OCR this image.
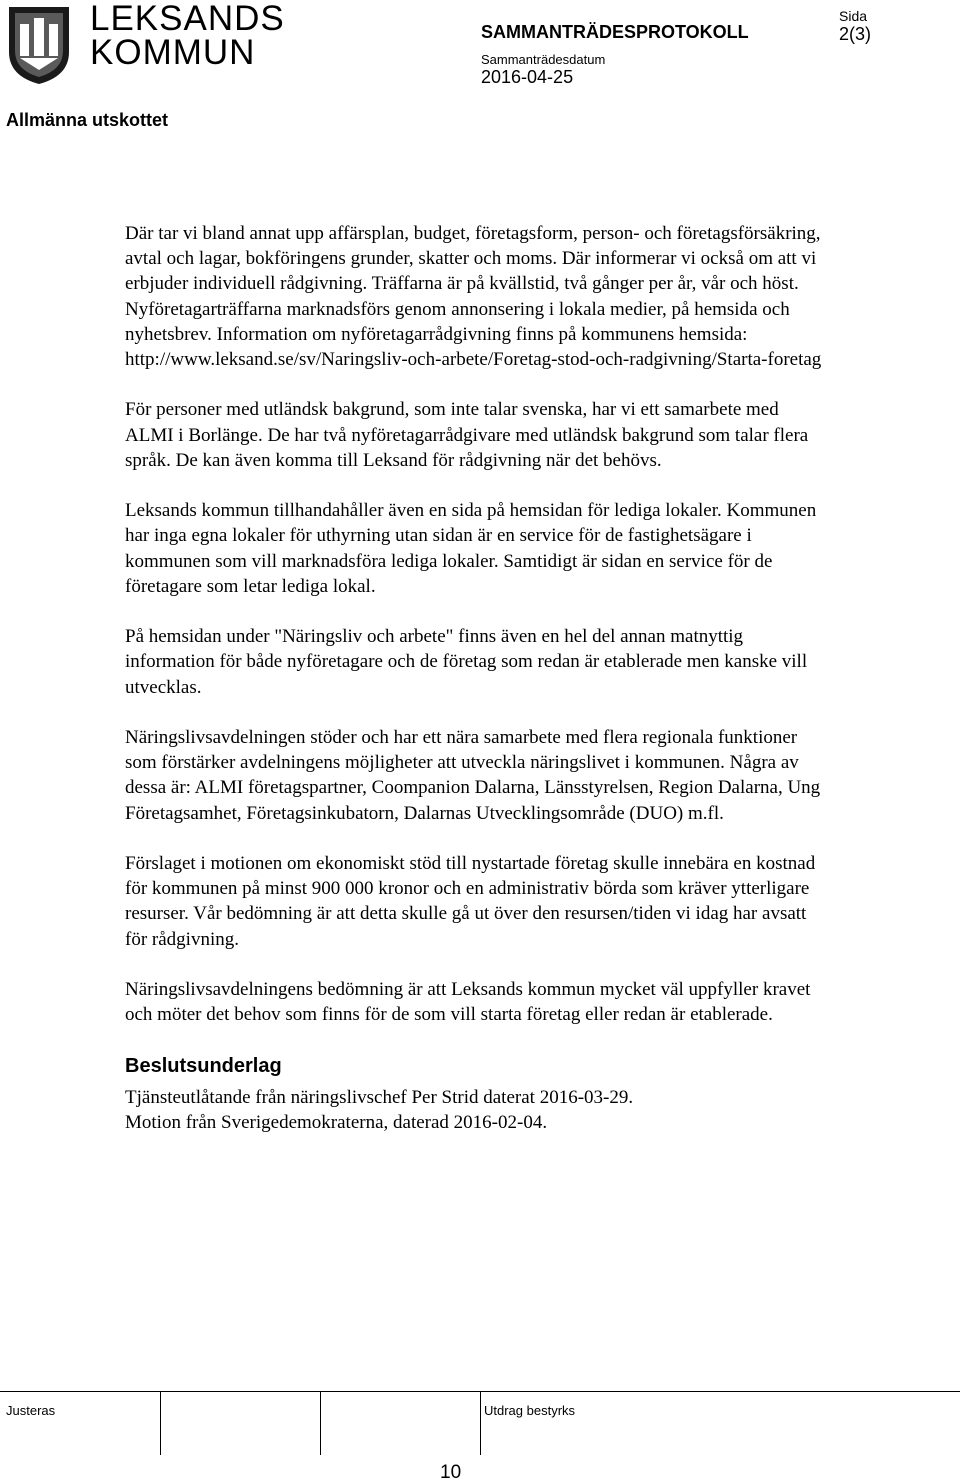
LEKSANDS
KOMMUN
SAMMANTRÄDESPROTOKOLL
Sammanträdesdatum
2016-04-25
Sida
2(3)
Allmänna utskottet

Där tar vi bland annat upp affärsplan, budget, företagsform, person- och företagsförsäkring, avtal och lagar, bokföringens grunder, skatter och moms. Där informerar vi också om att vi erbjuder individuell rådgivning. Träffarna är på kvällstid, två gånger per år, vår och höst. Nyföretagarträffarna marknadsförs genom annonsering i lokala medier, på hemsida och nyhetsbrev. Information om nyföretagarrådgivning finns på kommunens hemsida:

http://www.leksand.se/sv/Naringsliv-och-arbete/Foretag-stod-och-radgivning/Starta-foretag

För personer med utländsk bakgrund, som inte talar svenska, har vi ett samarbete med ALMI i Borlänge. De har två nyföretagarrådgivare med utländsk bakgrund som talar flera språk. De kan även komma till Leksand för rådgivning när det behövs.

Leksands kommun tillhandahåller även en sida på hemsidan för lediga lokaler. Kommunen har inga egna lokaler för uthyrning utan sidan är en service för de fastighetsägare i kommunen som vill marknadsföra lediga lokaler. Samtidigt är sidan en service för de företagare som letar lediga lokal.

På hemsidan under "Näringsliv och arbete" finns även en hel del annan matnyttig information för både nyföretagare och de företag som redan är etablerade men kanske vill utvecklas.

Näringslivsavdelningen stöder och har ett nära samarbete med flera regionala funktioner som förstärker avdelningens möjligheter att utveckla näringslivet i kommunen. Några av dessa är: ALMI företagspartner, Coompanion Dalarna, Länsstyrelsen, Region Dalarna, Ung Företagsamhet, Företagsinkubatorn, Dalarnas Utvecklingsområde (DUO) m.fl.

Förslaget i motionen om ekonomiskt stöd till nystartade företag skulle innebära en kostnad för kommunen på minst 900 000 kronor och en administrativ börda som kräver ytterligare resurser. Vår bedömning är att detta skulle gå ut över den resursen/tiden vi idag har avsatt för rådgivning.

Näringslivsavdelningens bedömning är att Leksands kommun mycket väl uppfyller kravet och möter det behov som finns för de som vill starta företag eller redan är etablerade.

Beslutsunderlag
Tjänsteutlåtande från näringslivschef Per Strid daterat 2016-03-29.
Motion från Sverigedemokraterna, daterad 2016-02-04.
Justeras	Utdrag bestyrks
10
